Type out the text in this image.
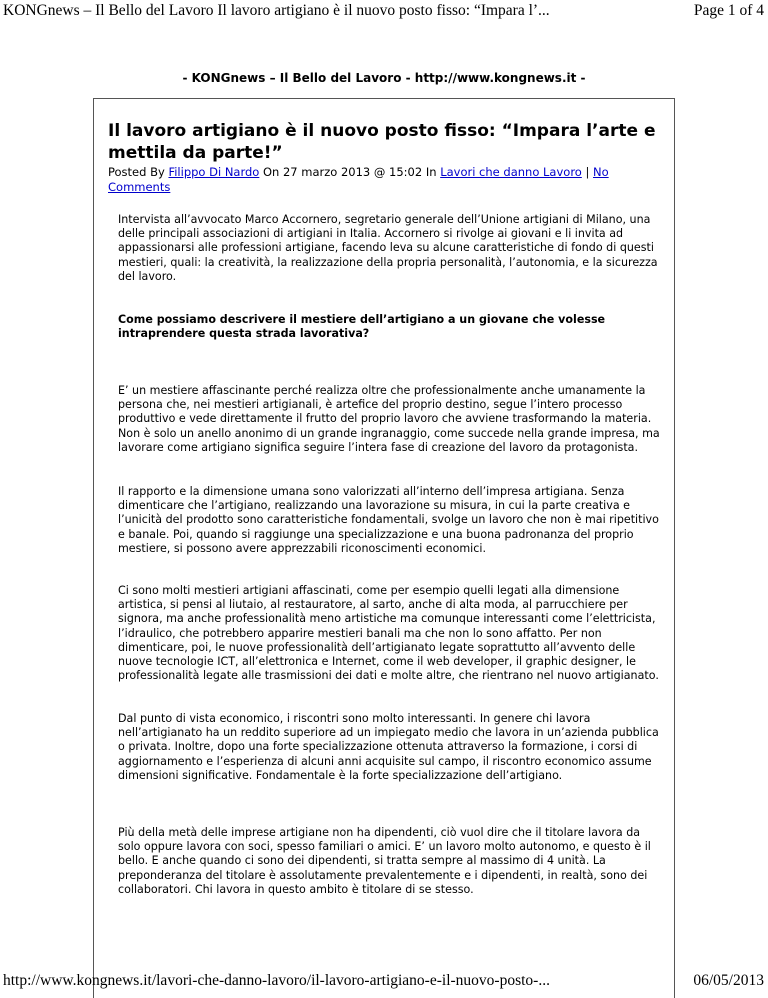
KONGnews – Il Bello del Lavoro Il lavoro artigiano è il nuovo posto fisso: “Impara l’...	Page 1 of 4
- KONGnews – Il Bello del Lavoro - http://www.kongnews.it -
Il lavoro artigiano è il nuovo posto fisso: “Impara l’arte e mettila da parte!”
Posted By Filippo Di Nardo On 27 marzo 2013 @ 15:02 In Lavori che danno Lavoro | No Comments

Intervista all’avvocato Marco Accornero, segretario generale dell’Unione artigiani di Milano, una delle principali associazioni di artigiani in Italia. Accornero si rivolge ai giovani e li invita ad appassionarsi alle professioni artigiane, facendo leva su alcune caratteristiche di fondo di questi mestieri, quali: la creatività, la realizzazione della propria personalità, l’autonomia, e la sicurezza del lavoro.

Come possiamo descrivere il mestiere dell’artigiano a un giovane che volesse intraprendere questa strada lavorativa?

E’ un mestiere affascinante perché realizza oltre che professionalmente anche umanamente la persona che, nei mestieri artigianali, è artefice del proprio destino, segue l’intero processo produttivo e vede direttamente il frutto del proprio lavoro che avviene trasformando la materia. Non è solo un anello anonimo di un grande ingranaggio, come succede nella grande impresa, ma lavorare come artigiano significa seguire l’intera fase di creazione del lavoro da protagonista.

Il rapporto e la dimensione umana sono valorizzati all’interno dell’impresa artigiana. Senza dimenticare che l’artigiano, realizzando una lavorazione su misura, in cui la parte creativa e l’unicità del prodotto sono caratteristiche fondamentali, svolge un lavoro che non è mai ripetitivo e banale. Poi, quando si raggiunge una specializzazione e una buona padronanza del proprio mestiere, si possono avere apprezzabili riconoscimenti economici.

Ci sono molti mestieri artigiani affascinati, come per esempio quelli legati alla dimensione artistica, si pensi al liutaio, al restauratore, al sarto, anche di alta moda, al parrucchiere per signora, ma anche professionalità meno artistiche ma comunque interessanti come l’elettricista, l’idraulico, che potrebbero apparire mestieri banali ma che non lo sono affatto. Per non dimenticare, poi, le nuove professionalità dell’artigianato legate soprattutto all’avvento delle nuove tecnologie ICT, all’elettronica e Internet, come il web developer, il graphic designer, le professionalità legate alle trasmissioni dei dati e molte altre, che rientrano nel nuovo artigianato.

Dal punto di vista economico, i riscontri sono molto interessanti. In genere chi lavora nell’artigianato ha un reddito superiore ad un impiegato medio che lavora in un’azienda pubblica o privata. Inoltre, dopo una forte specializzazione ottenuta attraverso la formazione, i corsi di aggiornamento e l’esperienza di alcuni anni acquisite sul campo, il riscontro economico assume dimensioni significative. Fondamentale è la forte specializzazione dell’artigiano.

Più della metà delle imprese artigiane non ha dipendenti, ciò vuol dire che il titolare lavora da solo oppure lavora con soci, spesso familiari o amici. E’ un lavoro molto autonomo, e questo è il bello. E anche quando ci sono dei dipendenti, si tratta sempre al massimo di 4 unità. La preponderanza del titolare è assolutamente prevalentemente e i dipendenti, in realtà, sono dei collaboratori. Chi lavora in questo ambito è titolare di se stesso.

http://www.kongnews.it/lavori-che-danno-lavoro/il-lavoro-artigiano-e-il-nuovo-posto-...	06/05/2013
